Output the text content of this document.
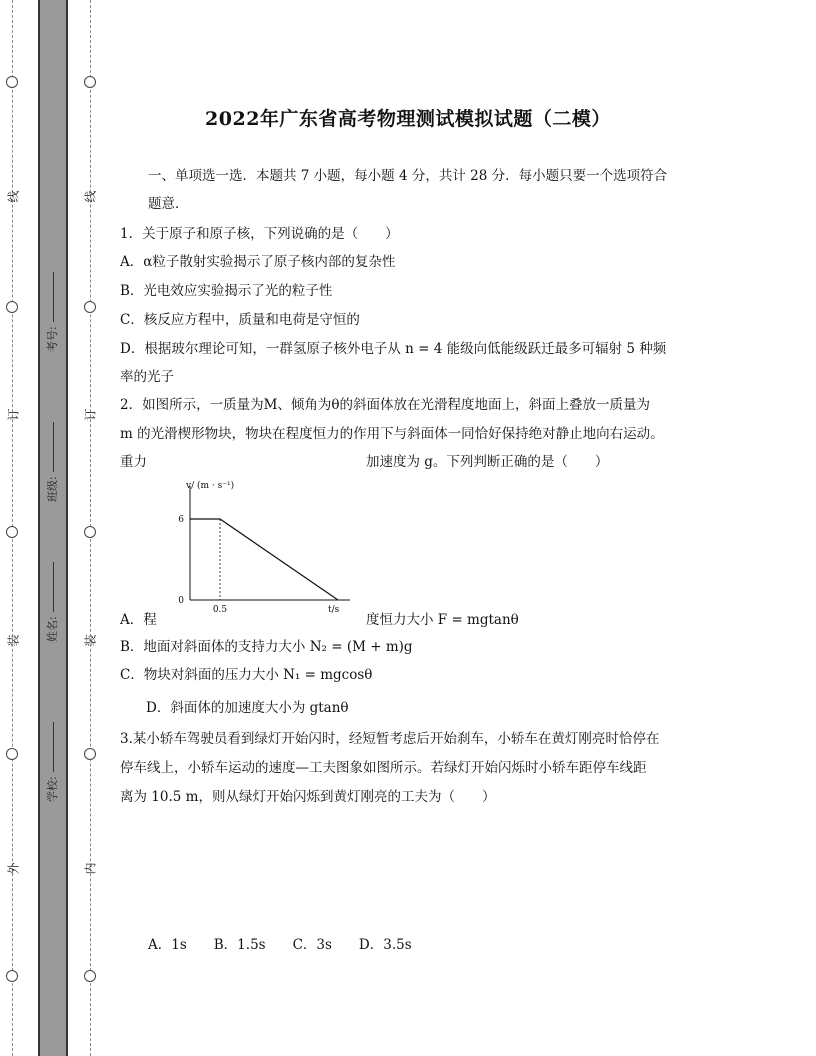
线
订
装
外
线
订
装
内
考号:
班级:
姓名:
学校:
2022年广东省高考物理测试模拟试题（二模）
一、单项选一选．本题共 7 小题，每小题 4 分，共计 28 分．每小题只要一个选项符合
题意．
1．关于原子和原子核，下列说确的是（　　）
A．α粒子散射实验揭示了原子核内部的复杂性
B．光电效应实验揭示了光的粒子性
C．核反应方程中，质量和电荷是守恒的
D．根据玻尔理论可知，一群氢原子核外电子从 n = 4 能级向低能级跃迁最多可辐射 5 种频
率的光子
2．如图所示，一质量为M、倾角为θ的斜面体放在光滑程度地面上，斜面上叠放一质量为
m 的光滑楔形物块，物块在程度恒力的作用下与斜面体一同恰好保持绝对静止地向右运动。
重力	加速度为 g。下列判断正确的是（　　）
v/ (m · s⁻¹)
6
0
0.5	t/s
A．程	度恒力大小 F = mgtanθ
B．地面对斜面体的支持力大小 N₂ = (M + m)g
C．物块对斜面的压力大小 N₁ = mgcosθ
D．斜面体的加速度大小为 gtanθ
3.某小轿车驾驶员看到绿灯开始闪时，经短暂考虑后开始刹车，小轿车在黄灯刚亮时恰停在
停车线上，小轿车运动的速度—工夫图象如图所示。若绿灯开始闪烁时小轿车距停车线距
离为 10.5 m，则从绿灯开始闪烁到黄灯刚亮的工夫为（　　）
A．1s　　B．1.5s　　C．3s　　D．3.5s
